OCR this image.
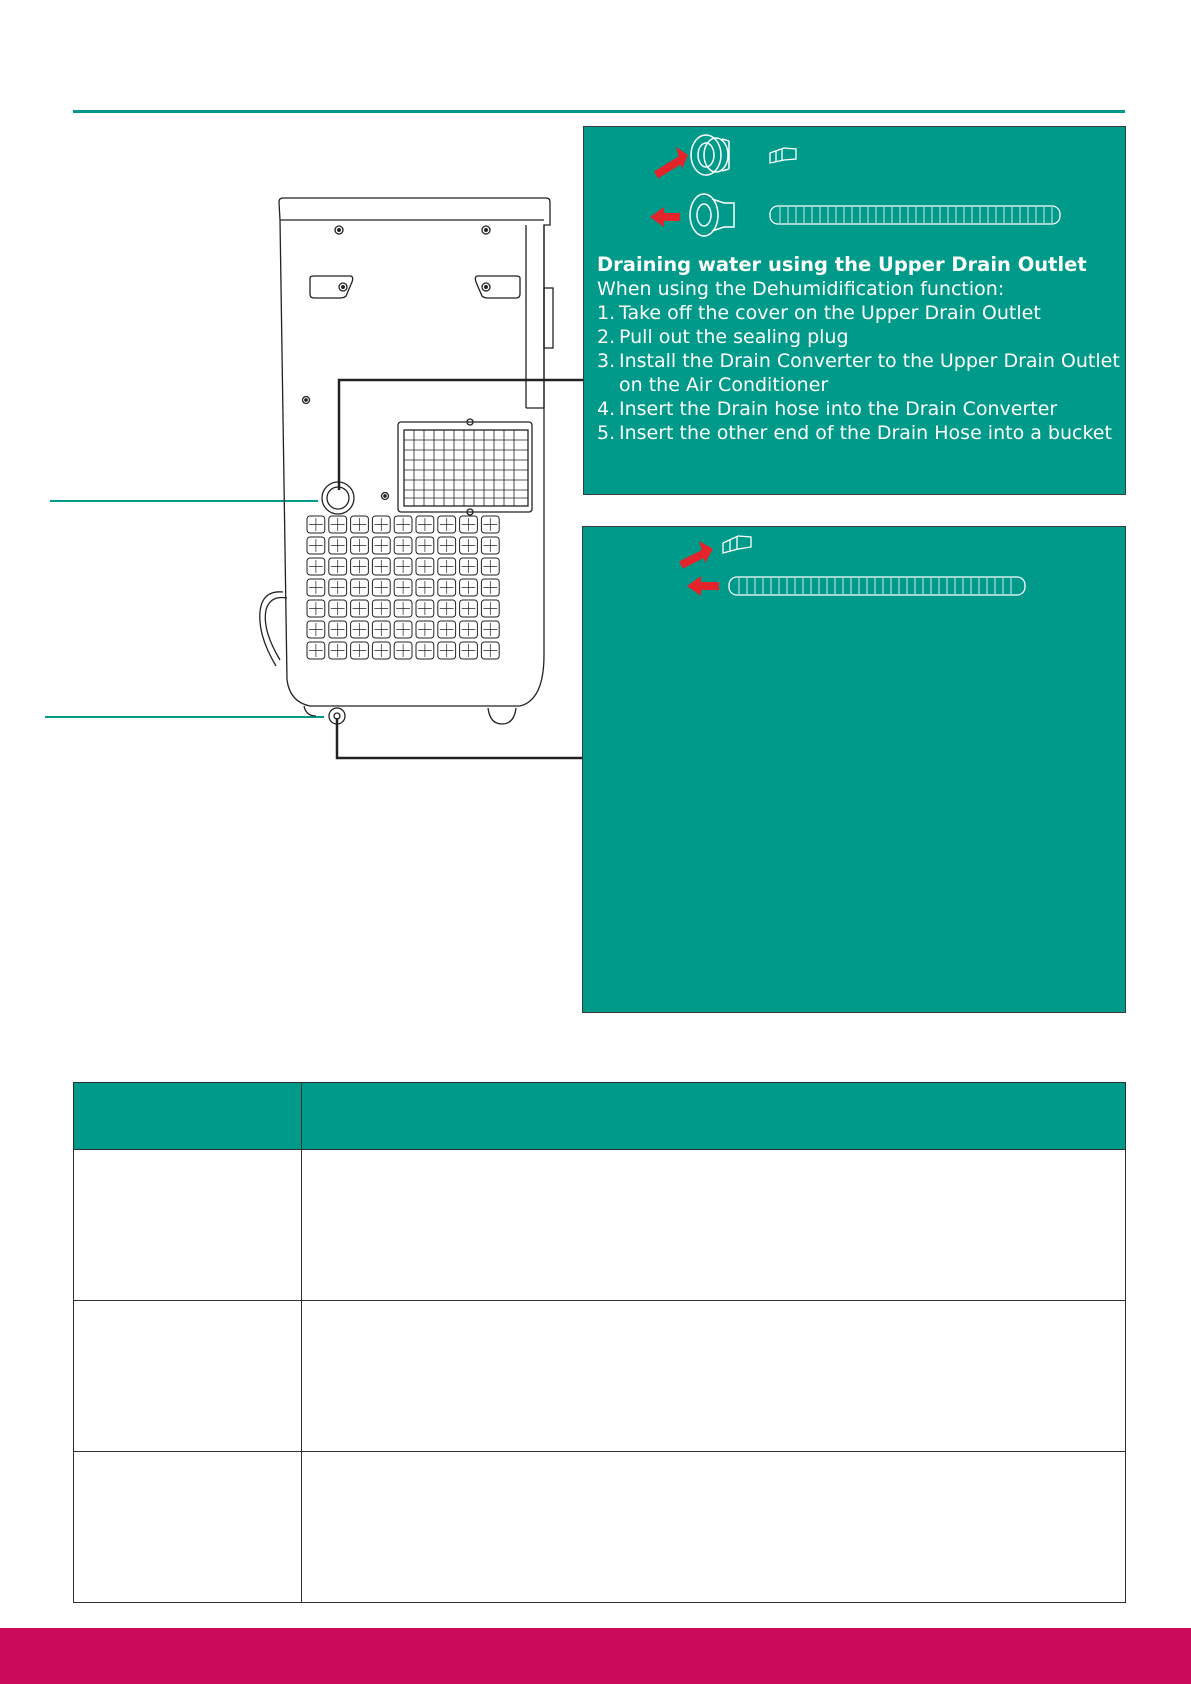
Draining water using the Upper Drain Outlet
When using the Dehumidification function:
1. Take off the cover on the Upper Drain Outlet
2. Pull out the sealing plug
3. Install the Drain Converter to the Upper Drain Outlet on the Air Conditioner
4. Insert the Drain hose into the Drain Converter
5. Insert the other end of the Drain Hose into a bucket
